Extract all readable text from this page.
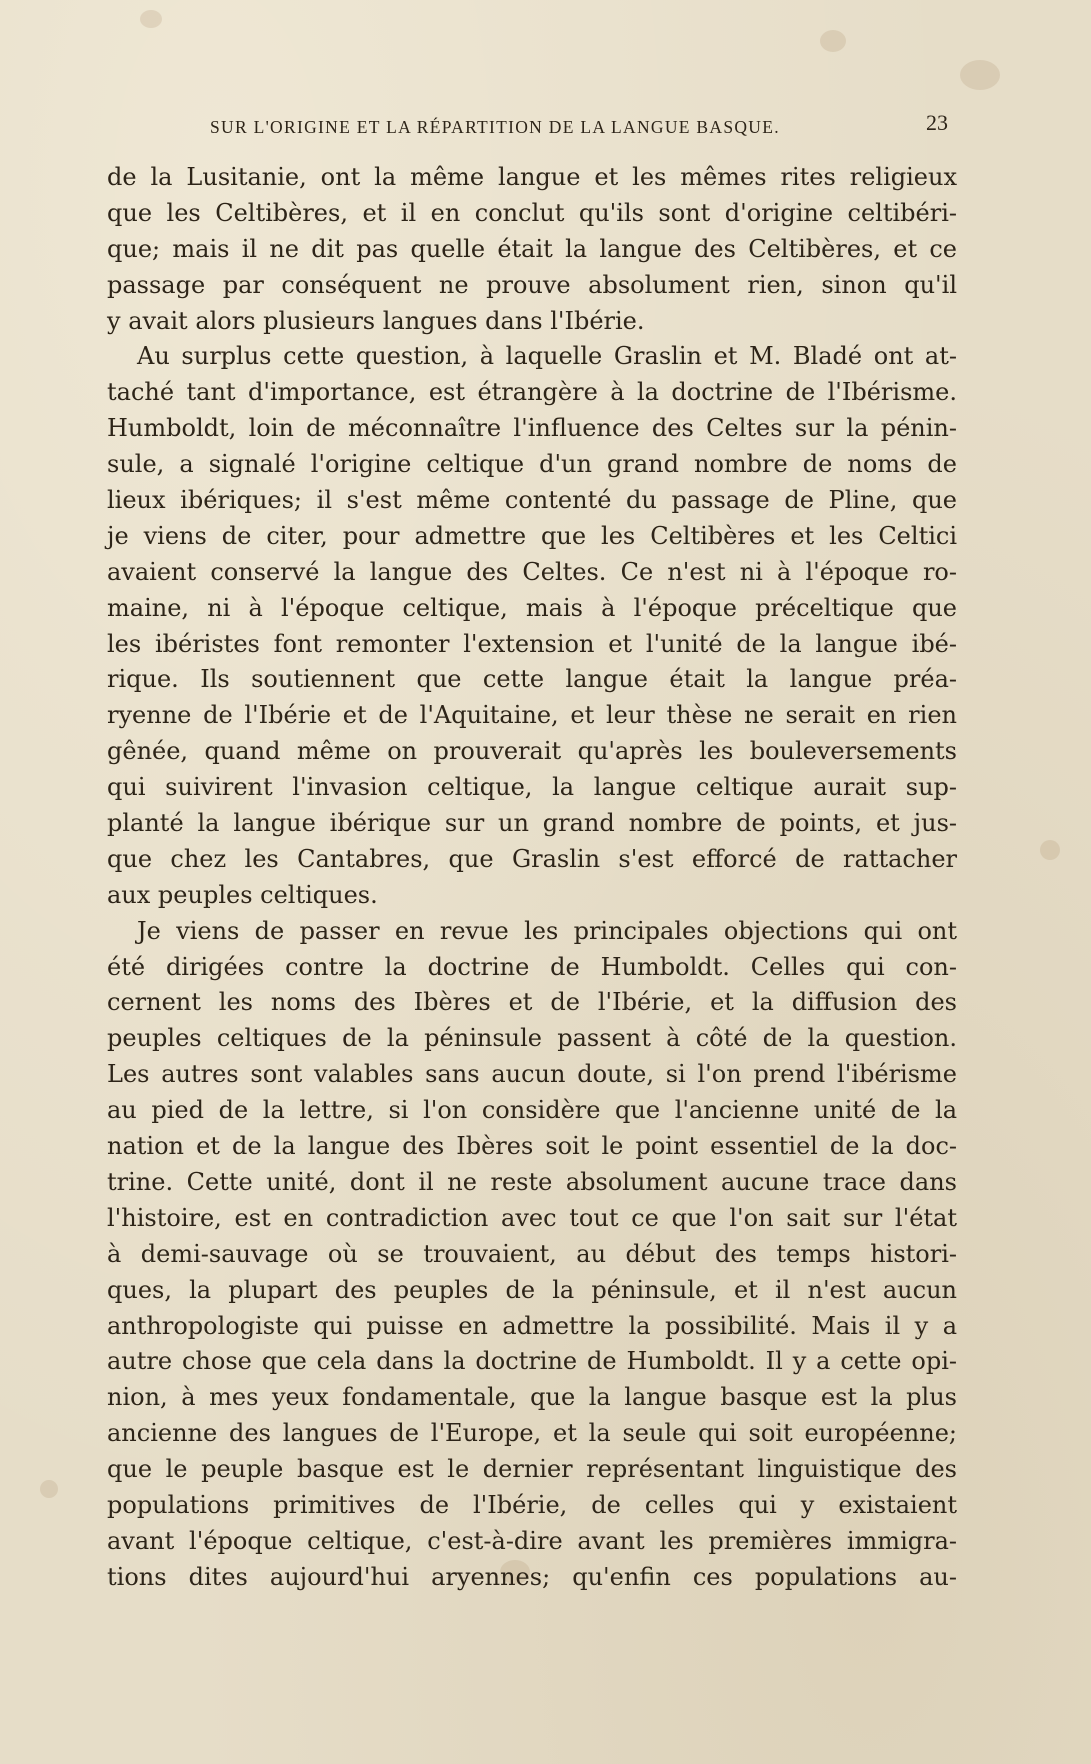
SUR L'ORIGINE ET LA RÉPARTITION DE LA LANGUE BASQUE.	23
de la Lusitanie, ont la même langue et les mêmes rites religieux
que les Celtibères, et il en conclut qu'ils sont d'origine celtibéri-
que; mais il ne dit pas quelle était la langue des Celtibères, et ce
passage par conséquent ne prouve absolument rien, sinon qu'il
y avait alors plusieurs langues dans l'Ibérie.
Au surplus cette question, à laquelle Graslin et M. Bladé ont at-
taché tant d'importance, est étrangère à la doctrine de l'Ibérisme.
Humboldt, loin de méconnaître l'influence des Celtes sur la pénin-
sule, a signalé l'origine celtique d'un grand nombre de noms de
lieux ibériques; il s'est même contenté du passage de Pline, que
je viens de citer, pour admettre que les Celtibères et les Celtici
avaient conservé la langue des Celtes. Ce n'est ni à l'époque ro-
maine, ni à l'époque celtique, mais à l'époque préceltique que
les ibéristes font remonter l'extension et l'unité de la langue ibé-
rique. Ils soutiennent que cette langue était la langue préa-
ryenne de l'Ibérie et de l'Aquitaine, et leur thèse ne serait en rien
gênée, quand même on prouverait qu'après les bouleversements
qui suivirent l'invasion celtique, la langue celtique aurait sup-
planté la langue ibérique sur un grand nombre de points, et jus-
que chez les Cantabres, que Graslin s'est efforcé de rattacher
aux peuples celtiques.
Je viens de passer en revue les principales objections qui ont
été dirigées contre la doctrine de Humboldt. Celles qui con-
cernent les noms des Ibères et de l'Ibérie, et la diffusion des
peuples celtiques de la péninsule passent à côté de la question.
Les autres sont valables sans aucun doute, si l'on prend l'ibérisme
au pied de la lettre, si l'on considère que l'ancienne unité de la
nation et de la langue des Ibères soit le point essentiel de la doc-
trine. Cette unité, dont il ne reste absolument aucune trace dans
l'histoire, est en contradiction avec tout ce que l'on sait sur l'état
à demi-sauvage où se trouvaient, au début des temps histori-
ques, la plupart des peuples de la péninsule, et il n'est aucun
anthropologiste qui puisse en admettre la possibilité. Mais il y a
autre chose que cela dans la doctrine de Humboldt. Il y a cette opi-
nion, à mes yeux fondamentale, que la langue basque est la plus
ancienne des langues de l'Europe, et la seule qui soit européenne;
que le peuple basque est le dernier représentant linguistique des
populations primitives de l'Ibérie, de celles qui y existaient
avant l'époque celtique, c'est-à-dire avant les premières immigra-
tions dites aujourd'hui aryennes; qu'enfin ces populations au-
